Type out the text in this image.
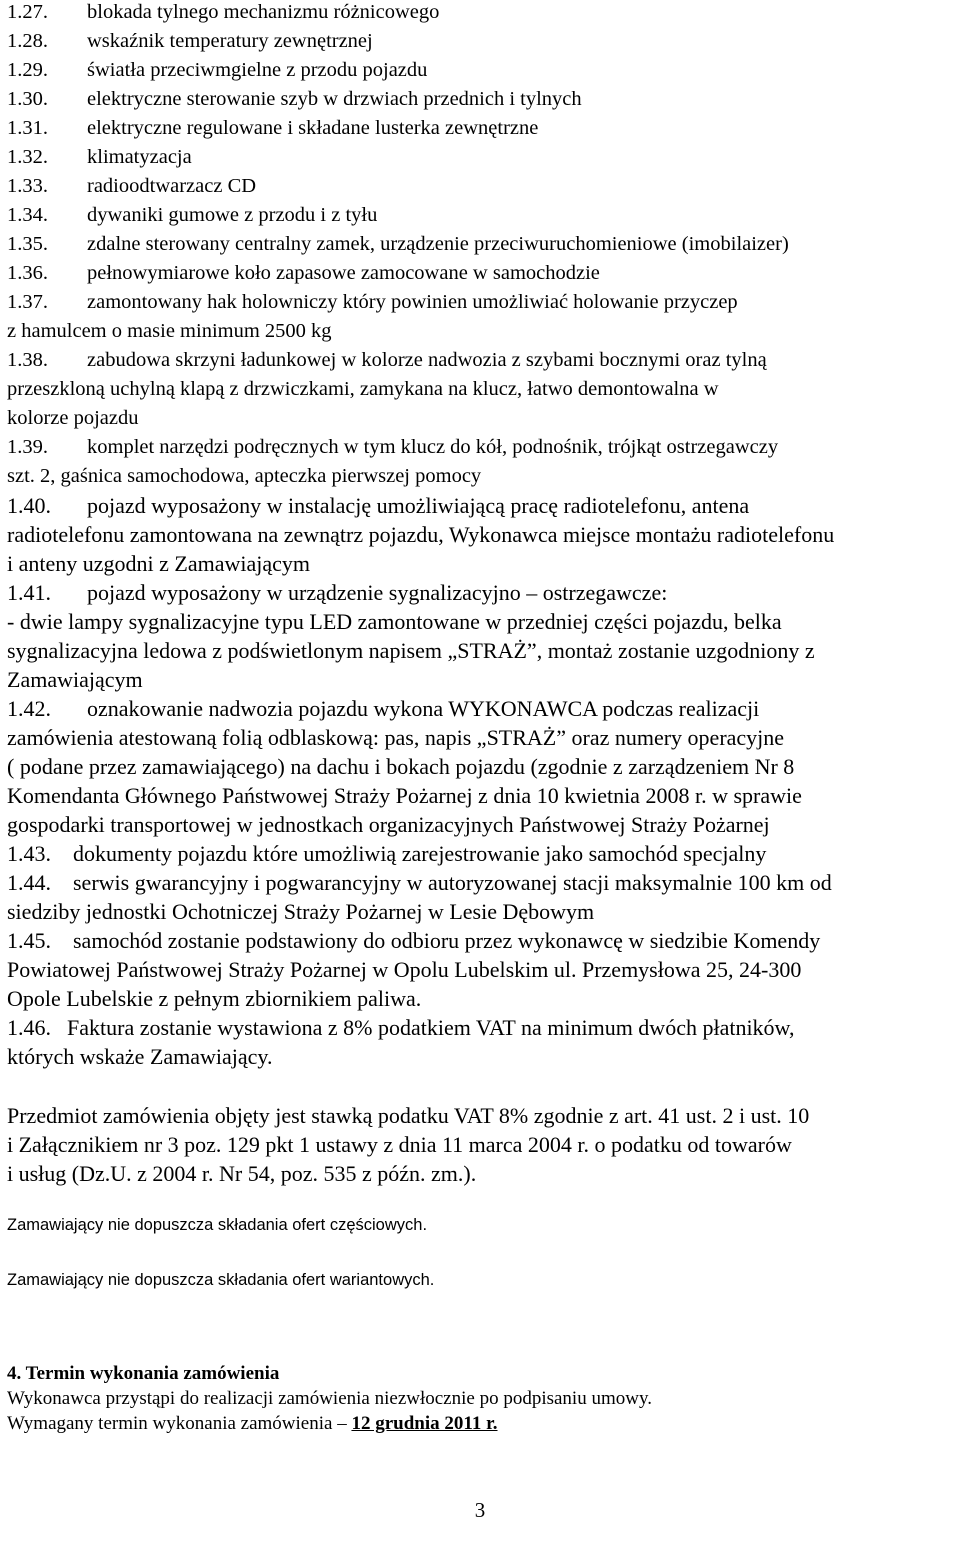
1.27. blokada tylnego mechanizmu różnicowego
1.28. wskaźnik temperatury zewnętrznej
1.29. światła przeciwmgielne z przodu pojazdu
1.30. elektryczne sterowanie szyb w drzwiach przednich i tylnych
1.31. elektryczne regulowane i składane lusterka zewnętrzne
1.32. klimatyzacja
1.33. radioodtwarzacz CD
1.34. dywaniki gumowe z przodu i z tyłu
1.35. zdalne sterowany centralny zamek, urządzenie przeciwuruchomieniowe (imobilaizer)
1.36. pełnowymiarowe koło zapasowe zamocowane w samochodzie
1.37. zamontowany hak holowniczy który powinien umożliwiać holowanie przyczep
z hamulcem o masie minimum 2500 kg
1.38. zabudowa skrzyni ładunkowej w kolorze nadwozia z szybami bocznymi oraz tylną
przeszkloną uchylną klapą z drzwiczkami, zamykana na klucz, łatwo demontowalna w
kolorze pojazdu
1.39. komplet narzędzi podręcznych w tym klucz do kół, podnośnik, trójkąt ostrzegawczy
szt. 2, gaśnica samochodowa, apteczka pierwszej pomocy
1.40. pojazd wyposażony w instalację umożliwiającą pracę radiotelefonu, antena
radiotelefonu zamontowana na zewnątrz pojazdu, Wykonawca miejsce montażu radiotelefonu
i anteny uzgodni z Zamawiającym
1.41. pojazd wyposażony w urządzenie sygnalizacyjno – ostrzegawcze:
- dwie lampy sygnalizacyjne typu LED zamontowane w przedniej części pojazdu, belka
sygnalizacyjna ledowa z podświetlonym napisem „STRAŻ”, montaż zostanie uzgodniony z
Zamawiającym
1.42. oznakowanie nadwozia pojazdu wykona WYKONAWCA podczas realizacji
zamówienia atestowaną folią odblaskową: pas, napis „STRAŻ” oraz numery operacyjne
( podane przez zamawiającego) na dachu i bokach pojazdu (zgodnie z zarządzeniem Nr 8
Komendanta Głównego Państwowej Straży Pożarnej z dnia 10 kwietnia 2008 r. w sprawie
gospodarki transportowej w jednostkach organizacyjnych Państwowej Straży Pożarnej
1.43. dokumenty pojazdu które umożliwią zarejestrowanie jako samochód specjalny
1.44. serwis gwarancyjny i pogwarancyjny w autoryzowanej stacji maksymalnie 100 km od
siedziby jednostki Ochotniczej Straży Pożarnej w Lesie Dębowym
1.45. samochód zostanie podstawiony do odbioru przez wykonawcę w siedzibie Komendy
Powiatowej Państwowej Straży Pożarnej w Opolu Lubelskim ul. Przemysłowa 25, 24-300
Opole Lubelskie z pełnym zbiornikiem paliwa.
1.46. Faktura zostanie wystawiona z 8% podatkiem VAT na minimum dwóch płatników,
których wskaże Zamawiający.
Przedmiot zamówienia objęty jest stawką podatku VAT 8% zgodnie z art. 41 ust. 2 i ust. 10
i Załącznikiem nr 3 poz. 129 pkt 1 ustawy z dnia 11 marca 2004 r. o podatku od towarów
i usług (Dz.U. z 2004 r. Nr 54, poz. 535 z późn. zm.).
Zamawiający nie dopuszcza składania ofert częściowych.
Zamawiający nie dopuszcza składania ofert wariantowych.
4. Termin wykonania zamówienia
Wykonawca przystąpi do realizacji zamówienia niezwłocznie po podpisaniu umowy.
Wymagany termin wykonania zamówienia – 12 grudnia 2011 r.
3
